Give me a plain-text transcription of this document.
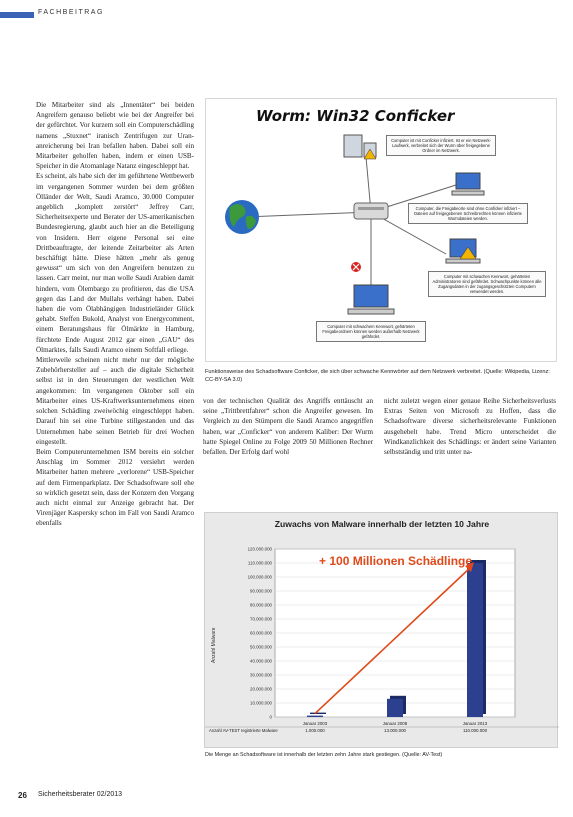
FACHBEITRAG

Die Mitarbeiter sind als „Innentäter“ bei beiden Angreifern genauso beliebt wie bei der Angreifer bei der gefürchtet. Vor kurzem soll ein Computerschädling namens „Stuxnet“ iranisch Zentrifugen zur Uran-anreicherung bei Iran befallen haben. Dabei soll ein Mitarbeiter geholfen haben, indem er einen USB-Speicher in die Atomanlage Natanz eingeschleppt hat.

Es scheint, als habe sich der im geführtene Wettbewerb im vergangenen Sommer wurden bei dem größten Ölländer der Welt, Saudi Aramco, 30.000 Computer angeblich „komplett zerstört“ Jeffrey Carr, Sicherheitsexperte und Berater der US-amerikanischen Bundesregierung, glaubt auch hier an die Beteiligung von Insidern. Herr eigene Personal sei eine Drittbeauftragte, der leitende Zeitarbeiter als Arten beschäftigt hätte. Diese hätten „mehr als genug gewusst“ um sich von den Angreifern benutzen zu lassen. Carr meint, nur man wolle Saudi Arabien damit hindern, vom Ölembargo zu profitieren, das die USA gegen das Land der Mullahs verhängt haben. Dabei haben die vom Ölabhängigen Industrieländer Glück gehabt. Steffen Bukold, Analyst von Energycomment, einem Beratungshaus für Ölmärkte in Hamburg, fürchtete Ende August 2012 gar einen „GAU“ des Ölmarktes, falls Saudi Aramco einem Softfall erliege.

Mittlerweile scheinen nicht mehr nur der mögliche Zubehörhersteller auf – auch die digitale Sicherheit selbst ist in den Steuerungen der westlichen Welt angekommen: Im vergangenen Oktober soll ein Mitarbeiter eines US-Kraftwerksunternehmens einen solchen Schädling zweiwöchig eingeschleppt haben. Darauf hin sei eine Turbine stillgestanden und das Unternehmen habe seinen Betrieb für drei Wochen eingestellt.

Beim Computerunternehmen ISM bereits ein solcher Anschlag im Sommer 2012 versiehrt werden Mitarbeiter hatten mehrere „verlorene“ USB-Speicher auf dem Firmenparkplatz. Der Schadsoftware soll ehe so wirklich gesetzt sein, dass der Konzern den Vorgang auch nicht einmal zur Anzeige gebracht hat. Der Virenjäger Kaspersky schon im Fall von Saudi Aramco ebenfalls

Worm: Win32 Conficker
Computer ist mit Conficker infiziert. Ist er ein Netzwerk-Laufwerk, verbreitet sich der Wurm über freigegebene Ordner im Netzwerk.
Computer, die Freigabeorte sind ohne Conficker infiziert – Dateien auf freigegebenen Schreibrechten können infizierte Wurmdateien werden.
Computer mit schwachen Kennwort, gehärteten Administratoren sind gefährdet. Schwachpunkte können alle Zugangsdaten in der zugangsgeschützten Computern verwendet werden.
Computer mit schwachem Kennwort, gehärteten Freigabeordnern können werden außerhalb Netzwerk gefährdet.
Funktionsweise des Schadsoftware Conficker, die sich über schwache Kennwörter auf dem Netzwerk verbreitet. (Quelle: Wikipedia, Lizenz: CC-BY-SA 3.0)

von der technischen Qualität des Angriffs enttäuscht an seine „Trittbrettfahrer“ schon die Angreifer gewesen. Im Vergleich zu den Stümpern die Saudi Aramco angegriffen haben, war „Conficker“ von anderem Kaliber: Der Wurm hatte Spiegel Online zu Folge 2009 50 Millionen Rechner befallen. Der Erfolg darf wohl

nicht zuletzt wegen einer genaue Reihe Sicherheitsverlusts Extras Seiten von Microsoft zu Hoffen, dass die Schadsoftware diverse sicherheitsrelevante Funktionen ausgehebelt habe. Trend Micro unterscheidet die Windkanzlichkeit des Schädlings: er ändert seine Varianten selbstständig und tritt unter na-

Zuwachs von Malware innerhalb der letzten 10 Jahre
0
10.000.000
20.000.000
30.000.000
40.000.000
50.000.000
60.000.000
70.000.000
80.000.000
90.000.000
100.000.000
110.000.000
120.000.000
Januar 2003
1.000.000
Januar 2008
13.000.000
Januar 2013
110.000.000
Anzahl AV-TEST registrierte Malware
+ 100 Millionen Schädlinge
Anzahl Malware
Die Menge an Schadsoftware ist innerhalb der letzten zehn Jahre stark gestiegen. (Quelle: AV-Test)
26 Sicherheitsberater 02/2013
